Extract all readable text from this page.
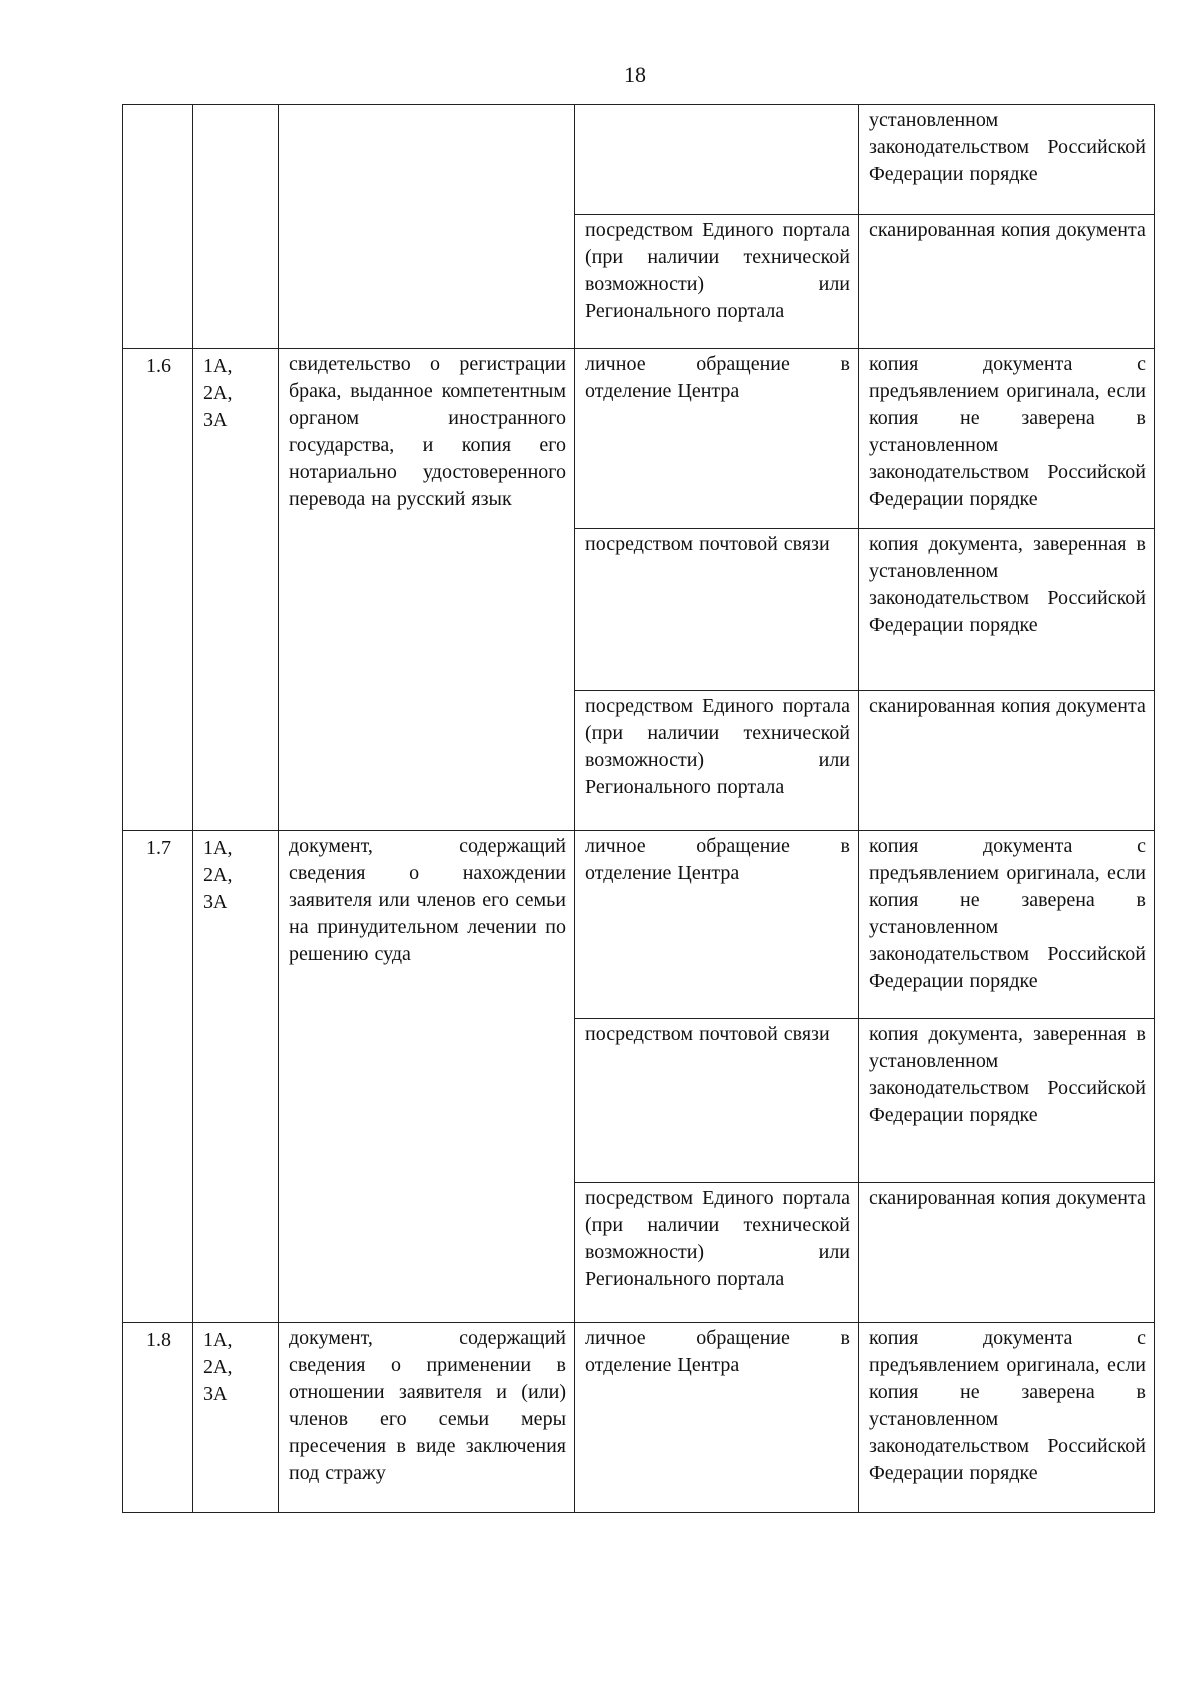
18
				установленном законодательством Российской Федерации порядке
			посредством Единого портала (при наличии технической возможности) или Регионального портала	сканированная копия документа
1.6	1А,
2А,
3А	свидетельство о регистрации брака, выданное компетентным органом иностранного государства, и копия его нотариально удостоверенного перевода на русский язык	личное обращение в отделение Центра	копия документа с предъявлением оригинала, если копия не заверена в установленном законодательством Российской Федерации порядке
			посредством почтовой связи	копия документа, заверенная в установленном законодательством Российской Федерации порядке
			посредством Единого портала (при наличии технической возможности) или Регионального портала	сканированная копия документа
1.7	1А,
2А,
3А	документ, содержащий сведения о нахождении заявителя или членов его семьи на принудительном лечении по решению суда	личное обращение в отделение Центра	копия документа с предъявлением оригинала, если копия не заверена в установленном законодательством Российской Федерации порядке
			посредством почтовой связи	копия документа, заверенная в установленном законодательством Российской Федерации порядке
			посредством Единого портала (при наличии технической возможности) или Регионального портала	сканированная копия документа
1.8	1А,
2А,
3А	документ, содержащий сведения о применении в отношении заявителя и (или) членов его семьи меры пресечения в виде заключения под стражу	личное обращение в отделение Центра	копия документа с предъявлением оригинала, если копия не заверена в установленном законодательством Российской Федерации порядке
